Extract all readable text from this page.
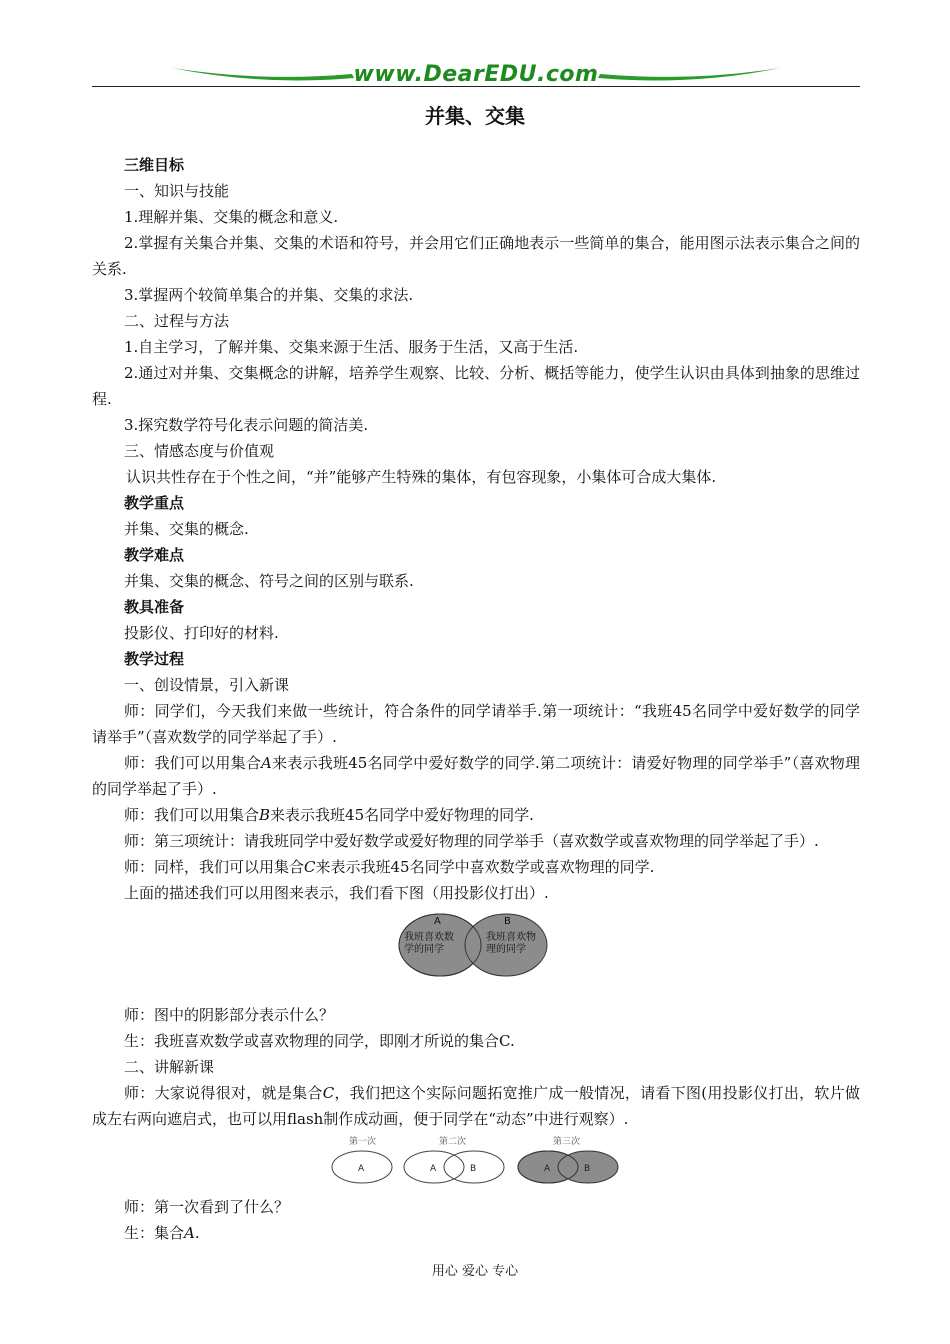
www.DearEDU.com
并集、交集

三维目标

一、知识与技能

1.理解并集、交集的概念和意义.

2.掌握有关集合并集、交集的术语和符号，并会用它们正确地表示一些简单的集合，能用图示法表示集合之间的关系.

3.掌握两个较简单集合的并集、交集的求法.

二、过程与方法

1.自主学习，了解并集、交集来源于生活、服务于生活，又高于生活.

2.通过对并集、交集概念的讲解，培养学生观察、比较、分析、概括等能力，使学生认识由具体到抽象的思维过程.

3.探究数学符号化表示问题的简洁美.

三、情感态度与价值观

认识共性存在于个性之间，“并”能够产生特殊的集体，有包容现象，小集体可合成大集体.

教学重点

并集、交集的概念.

教学难点

并集、交集的概念、符号之间的区别与联系.

教具准备

投影仪、打印好的材料.

教学过程

一、创设情景，引入新课

师：同学们，今天我们来做一些统计，符合条件的同学请举手.第一项统计：“我班45名同学中爱好数学的同学请举手”（喜欢数学的同学举起了手）.

师：我们可以用集合A来表示我班45名同学中爱好数学的同学.第二项统计：请爱好物理的同学举手”（喜欢物理的同学举起了手）.

师：我们可以用集合B来表示我班45名同学中爱好物理的同学.

师：第三项统计：请我班同学中爱好数学或爱好物理的同学举手（喜欢数学或喜欢物理的同学举起了手）.

师：同样，我们可以用集合C来表示我班45名同学中喜欢数学或喜欢物理的同学.

上面的描述我们可以用图来表示，我们看下图（用投影仪打出）.

A	B
我班喜欢数
学的同学
我班喜欢物
理的同学

师：图中的阴影部分表示什么？

生：我班喜欢数学或喜欢物理的同学，即刚才所说的集合C.

二、讲解新课

师：大家说得很对，就是集合C，我们把这个实际问题拓宽推广成一般情况，请看下图(用投影仪打出，软片做成左右两向遮启式，也可以用flash制作成动画，便于同学在“动态”中进行观察）.

第一次
A
第二次
A	B
第三次
A	B

师：第一次看到了什么？

生：集合A.

用心 爱心 专心
